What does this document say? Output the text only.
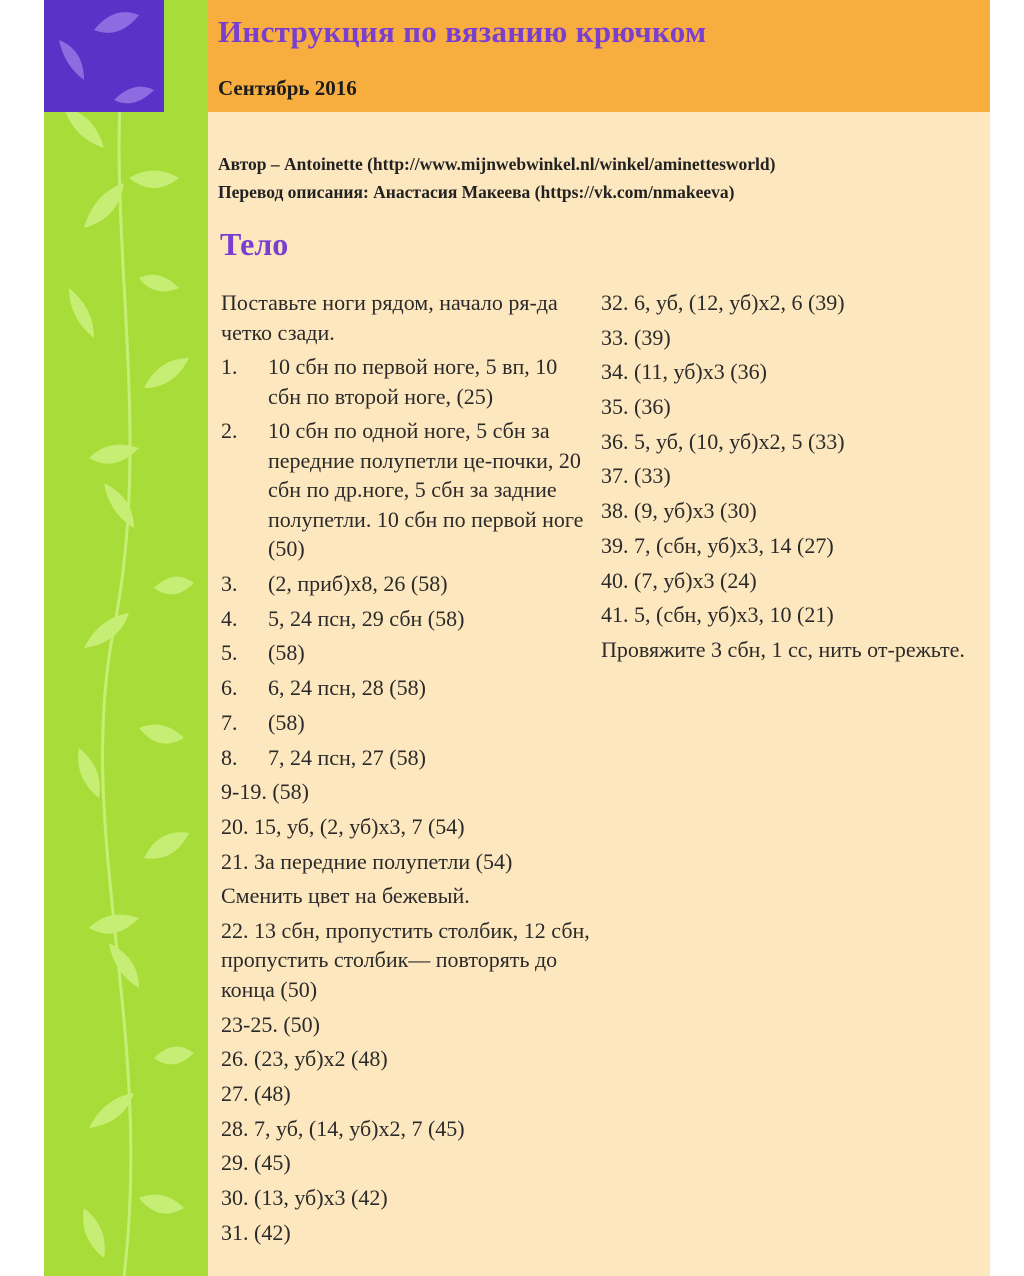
Инструкция по вязанию крючком
Сентябрь 2016
Автор – Antoinette (http://www.mijnwebwinkel.nl/winkel/aminettesworld)
Перевод описания: Анастасия Макеева (https://vk.com/nmakeeva)
Тело

Поставьте ноги рядом, начало ря-да четко сзади.

1.	10 сбн по первой ноге, 5 вп, 10 сбн по второй ноге, (25)

2.	10 сбн по одной ноге, 5 сбн за передние полупетли це-почки, 20 сбн по др.ноге, 5 сбн за задние полупетли. 10 сбн по первой ноге (50)

3.	(2, приб)x8, 26 (58)

4.	5, 24 псн, 29 сбн (58)

5.	(58)

6.	6, 24 псн, 28 (58)

7.	(58)

8.	7, 24 псн, 27 (58)

9-19. (58)

20. 15, уб, (2, уб)x3, 7 (54)

21. За передние полупетли (54)

Сменить цвет на бежевый.

22. 13 сбн, пропустить столбик, 12 сбн, пропустить столбик— повторять до конца (50)

23-25. (50)

26. (23, уб)x2 (48)

27. (48)

28. 7, уб, (14, уб)x2, 7 (45)

29. (45)

30. (13, уб)x3 (42)

31. (42)

32. 6, уб, (12, уб)x2, 6 (39)

33. (39)

34. (11, уб)x3 (36)

35. (36)

36. 5, уб, (10, уб)x2, 5 (33)

37. (33)

38. (9, уб)x3 (30)

39. 7, (сбн, уб)x3, 14 (27)

40. (7, уб)x3 (24)

41. 5, (сбн, уб)x3, 10 (21)

Провяжите 3 сбн, 1 сс, нить от-режьте.
